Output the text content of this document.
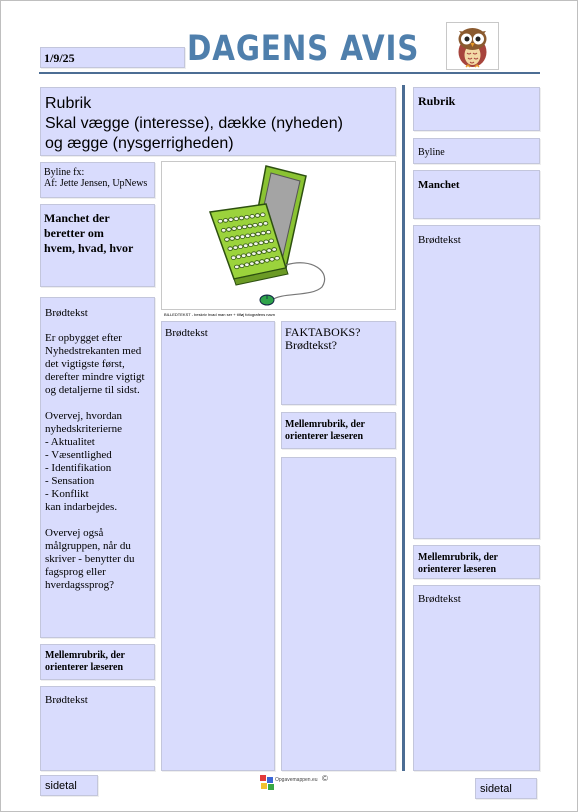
1/9/25	DAGENS AVIS
Rubrik
Skal vægge (interesse), dække (nyheden)
og ægge (nysgerrigheden)
Byline fx:
Af: Jette Jensen, UpNews
Manchet der
beretter om
hvem, hvad, hvor
BILLEDTEKST - beskriv hvad man ser + tilføj fotografens navn
Brødtekst
Er opbygget efter
Nyhedstrekanten med
det vigtigste først,
derefter mindre vigtigt
og detaljerne til sidst.

Overvej, hvordan
nyhedskriterierne
- Aktualitet
- Væsentlighed
- Identifikation
- Sensation
- Konflikt
kan indarbejdes.

Overvej også
målgruppen, når du
skriver - benytter du
fagsprog eller
hverdagssprog?
Mellemrubrik, der
orienterer læseren
Brødtekst
Brødtekst	FAKTABOKS?
Brødtekst?
Mellemrubrik, der
orienterer læseren
Rubrik
Byline
Manchet
Brødtekst
Mellemrubrik, der
orienterer læseren
Brødtekst
sidetal	sidetal
Opgavemappen.eu ©
